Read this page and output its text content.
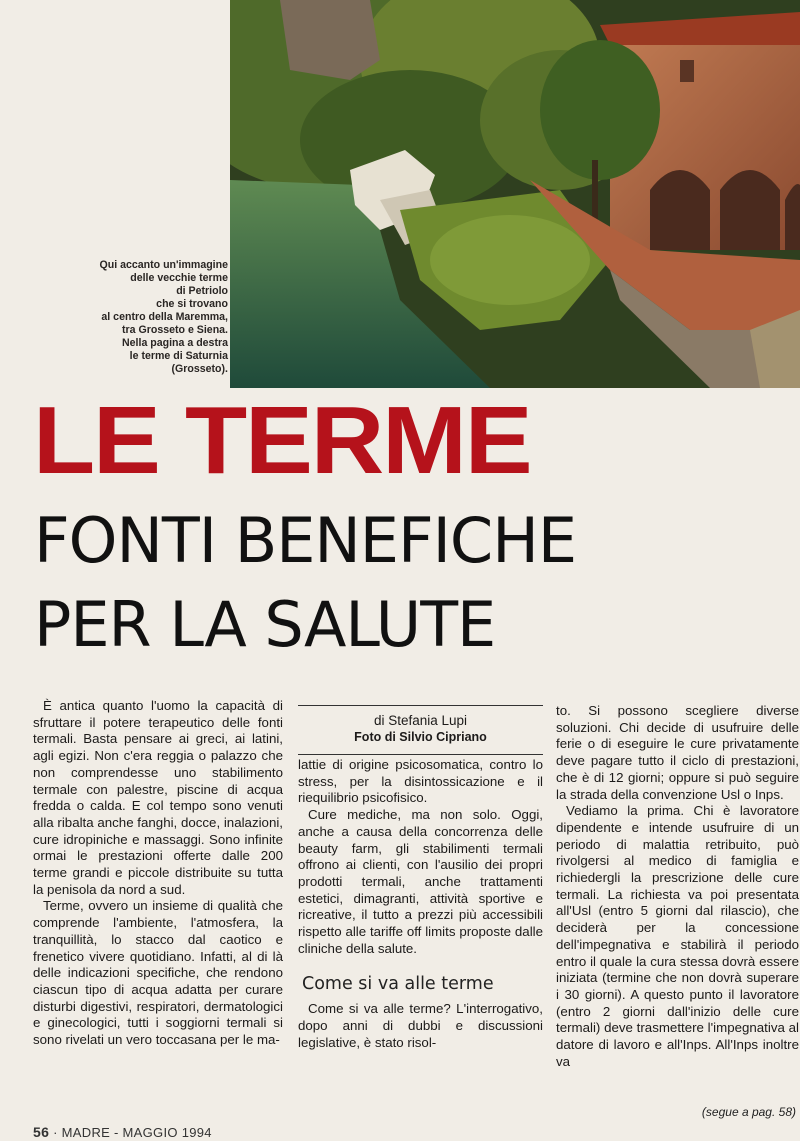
Qui accanto un'immagine
delle vecchie terme
di Petriolo
che si trovano
al centro della Maremma,
tra Grosseto e Siena.
Nella pagina a destra
le terme di Saturnia
(Grosseto).
LE TERME
FONTI BENEFICHE
PER LA SALUTE

È antica quanto l'uomo la capacità di sfruttare il potere terapeutico delle fonti termali. Basta pensare ai greci, ai latini, agli egizi. Non c'era reggia o palazzo che non comprendesse uno stabilimento termale con palestre, piscine di acqua fredda o calda. E col tempo sono venuti alla ribalta anche fanghi, docce, inalazioni, cure idropiniche e massaggi. Sono infinite ormai le prestazioni offerte dalle 200 terme grandi e piccole distribuite su tutta la penisola da nord a sud.

Terme, ovvero un insieme di qualità che comprende l'ambiente, l'atmosfera, la tranquillità, lo stacco dal caotico e frenetico vivere quotidiano. Infatti, al di là delle indicazioni specifiche, che rendono ciascun tipo di acqua adatta per curare disturbi digestivi, respiratori, dermatologici e ginecologici, tutti i soggiorni termali si sono rivelati un vero toccasana per le ma-

di Stefania Lupi
Foto di Silvio Cipriano

lattie di origine psicosomatica, contro lo stress, per la disintossicazione e il riequilibrio psicofisico.

Cure mediche, ma non solo. Oggi, anche a causa della concorrenza delle beauty farm, gli stabilimenti termali offrono ai clienti, con l'ausilio dei propri prodotti termali, anche trattamenti estetici, dimagranti, attività sportive e ricreative, il tutto a prezzi più accessibili rispetto alle tariffe off limits proposte dalle cliniche della salute.

Come si va alle terme

Come si va alle terme? L'interrogativo, dopo anni di dubbi e discussioni legislative, è stato risol-

to. Si possono scegliere diverse soluzioni. Chi decide di usufruire delle ferie o di eseguire le cure privatamente deve pagare tutto il ciclo di prestazioni, che è di 12 giorni; oppure si può seguire la strada della convenzione Usl o Inps.

Vediamo la prima. Chi è lavoratore dipendente e intende usufruire di un periodo di malattia retribuito, può rivolgersi al medico di famiglia e richiedergli la prescrizione delle cure termali. La richiesta va poi presentata all'Usl (entro 5 giorni dal rilascio), che deciderà per la concessione dell'impegnativa e stabilirà il periodo entro il quale la cura stessa dovrà essere iniziata (termine che non dovrà superare i 30 giorni). A questo punto il lavoratore (entro 2 giorni dall'inizio delle cure termali) deve trasmettere l'impegnativa al datore di lavoro e all'Inps. All'Inps inoltre va

(segue a pag. 58)
56 · MADRE - MAGGIO 1994
